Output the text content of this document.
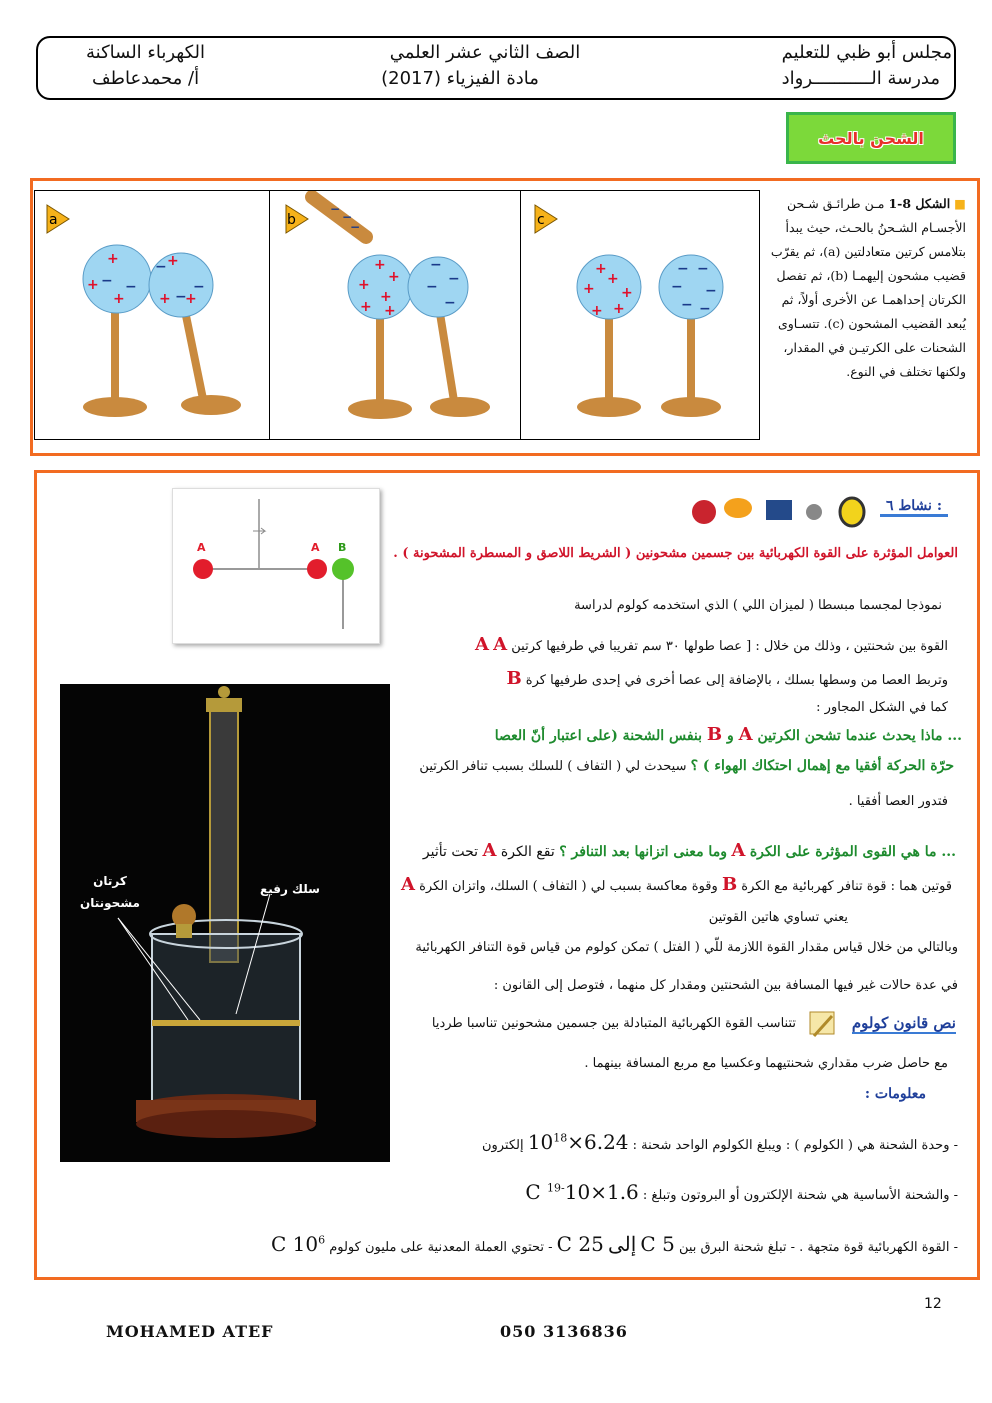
مجلس أبو ظبي للتعليم
مدرسة الـــــــــــرواد
الصف الثاني عشر العلمي
مادة الفيزياء (2017)
الكهرباء الساكنة
أ/ محمدعاطف
الشحن بالحث
a
+
+
+
+
+ +
− −
−
−
−
b
−
−
−
+
+
+
+
+ +
−
−
−
−
c
+
+
+ +
+ +
− −
− −
− −
■ الشكل 8-1 مـن طرائـق شـحن
الأجسـام الشـحنُ بالحـث، حيث يبدأ
بتلامس كرتين متعادلتين (a)، ثم يقرّب
قضيب مشحون إليهمـا (b)، ثم تفصل
الكرتان إحداهمـا عن الأخرى أولاً، ثم
يُبعد القضيب المشحون (c). تتسـاوى
الشحنات على الكرتيـن في المقدار،
ولكنها تختلف في النوع.
A	A B
نشاط ٦ :
العوامل المؤثرة على القوة الكهربائية بين جسمين مشحونين ( الشريط اللاصق و المسطرة المشحونة ) .
نموذجا لمجسما مبسطا ( لميزان اللي ) الذي استخدمه كولوم لدراسة
القوة بين شحنتين ، وذلك من خلال : [ عصا طولها ٣٠ سم تفريبا في طرفيها كرتين A A
وتربط العصا من وسطها بسلك ، بالإضافة إلى عصا أخرى في إحدى طرفيها كرة B
كما في الشكل المجاور :
... ماذا يحدث عندما تشحن الكرتين A و B بنفس الشحنة (على اعتبار أنّ العصا
حرّة الحركة أفقيا مع إهمال احتكاك الهواء ) ؟ سيحدث لي ( التفاف ) للسلك بسبب تنافر الكرتين
فتدور العصا أفقيا .
... ما هي القوى المؤثرة على الكرة A وما معنى اتزانها بعد التنافر ؟ تقع الكرة A تحت تأثير
قوتين هما : قوة تنافر كهربائية مع الكرة B وقوة معاكسة بسبب لي ( التفاف ) السلك، واتزان الكرة A
يعني تساوي هاتين القوتين
وبالتالي من خلال قياس مقدار القوة اللازمة للّي ( الفتل ) تمكن كولوم من قياس قوة التنافر الكهربائية
في عدة حالات غير فيها المسافة بين الشحنتين ومقدار كل منهما ، فتوصل إلى القانون :
نص قانون كولوم
تتناسب القوة الكهربائية المتبادلة بين جسمين مشحونين تناسبا طرديا
مع حاصل ضرب مقداري شحنتيهما وعكسيا مع مربع المسافة بينهما .
معلومات :
- وحدة الشحنة هي ( الكولوم ) : ويبلغ الكولوم الواحد شحنة : $6.24\times 10^{18}$ إلكترون
- والشحنة الأساسية هي شحنة الإلكترون أو البروتون وتبلغ : $1.6\times 10^{-19}$ C
- القوة الكهربائية قوة متجهة . - تبلغ شحنة البرق بين 5 C إلى 25 C - تحتوي العملة المعدنية على مليون كولوم $10^6$ C
كرتان
مشحونتان
سلك رفيع
12
MOHAMED ATEF	050 3136836
